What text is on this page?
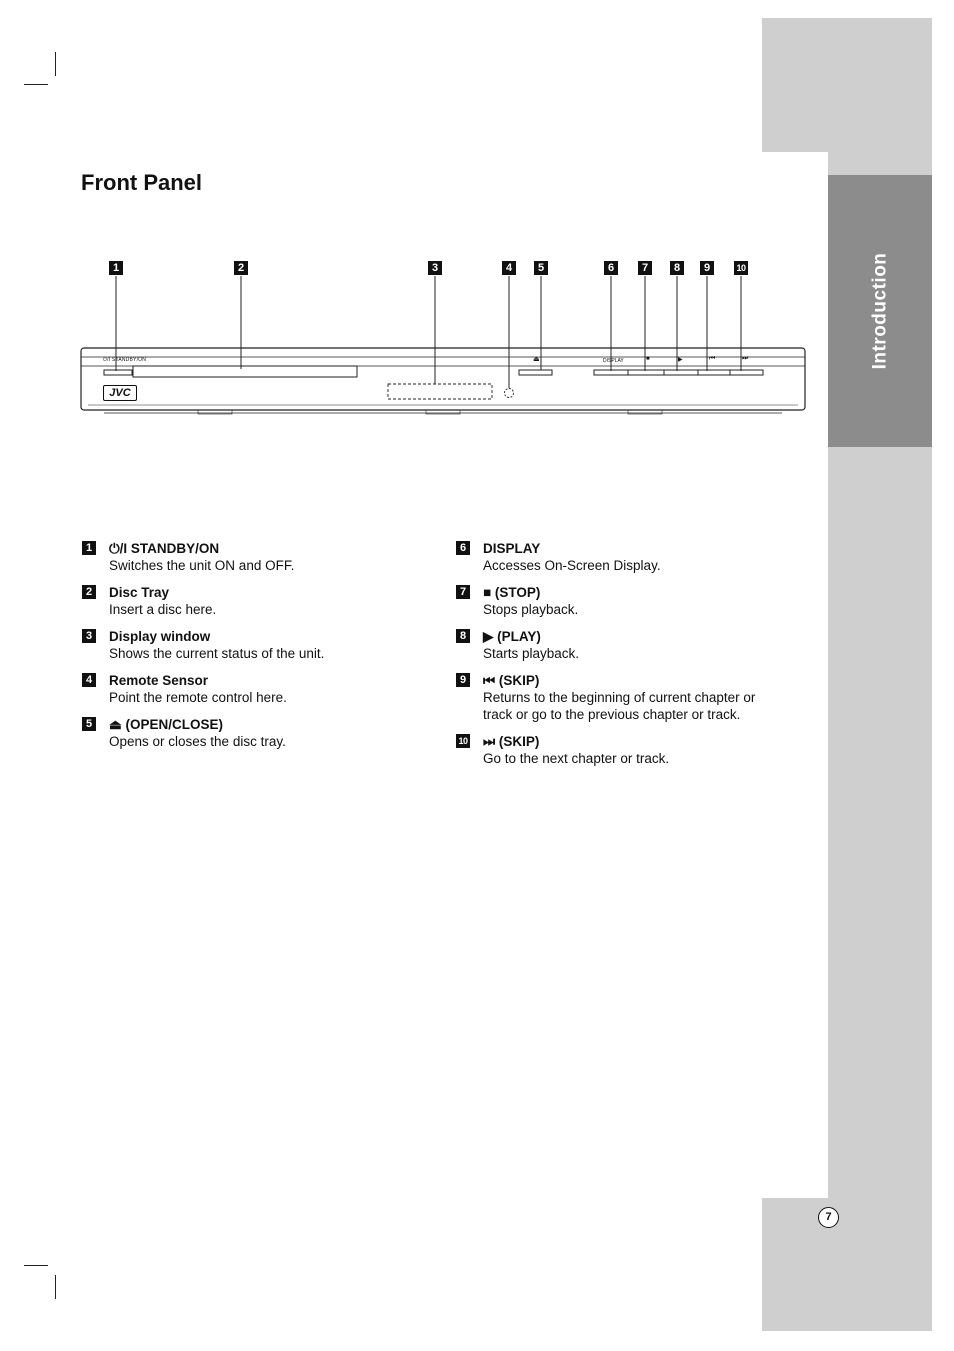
Introduction
Front Panel
1	2	3	4	5	6	7	8	9	10
⏻/I STANDBY/ON	⏏	DISPLAY	■	▶	⏮	⏭
JVC
1 ⏻/I STANDBY/ON
Switches the unit ON and OFF.
2 Disc Tray
Insert a disc here.
3 Display window
Shows the current status of the unit.
4 Remote Sensor
Point the remote control here.
5 ⏏ (OPEN/CLOSE)
Opens or closes the disc tray.
6 DISPLAY
Accesses On-Screen Display.
7 ■ (STOP)
Stops playback.
8 ▶ (PLAY)
Starts playback.
9 ⏮ (SKIP)
Returns to the beginning of current chapter or track or go to the previous chapter or track.
10 ⏭ (SKIP)
Go to the next chapter or track.
7
